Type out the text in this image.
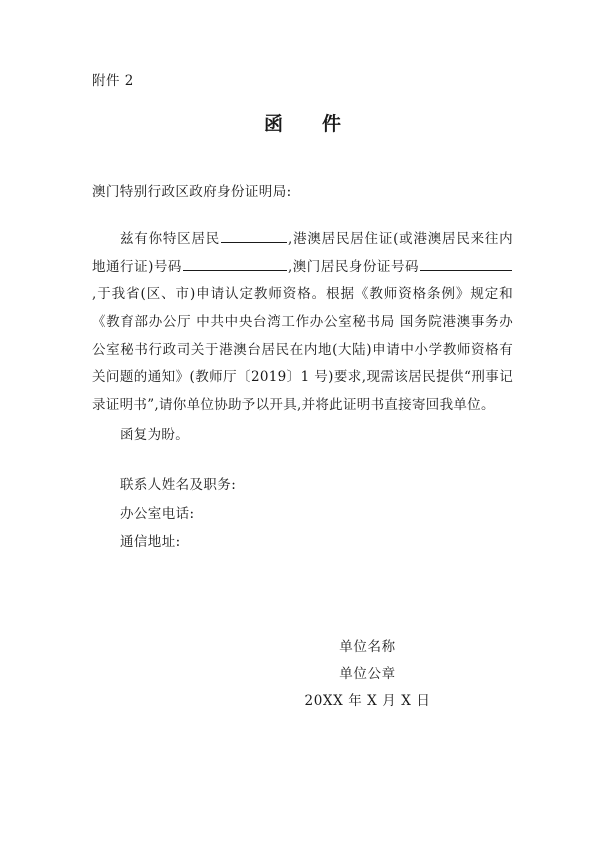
附件 2

函　件

澳门特别行政区政府身份证明局:

兹有你特区居民	,港澳居民居住证(或港澳居民来往内地通行证)号码	,澳门居民身份证号码,于我省(区、市)申请认定教师资格。根据《教师资格条例》规定和《教育部办公厅 中共中央台湾工作办公室秘书局 国务院港澳事务办公室秘书行政司关于港澳台居民在内地(大陆)申请中小学教师资格有关问题的通知》(教师厅〔2019〕1 号)要求,现需该居民提供“刑事记录证明书”,请你单位协助予以开具,并将此证明书直接寄回我单位。

函复为盼。

联系人姓名及职务:
办公室电话:
通信地址:
单位名称
单位公章
20XX 年 X 月 X 日
